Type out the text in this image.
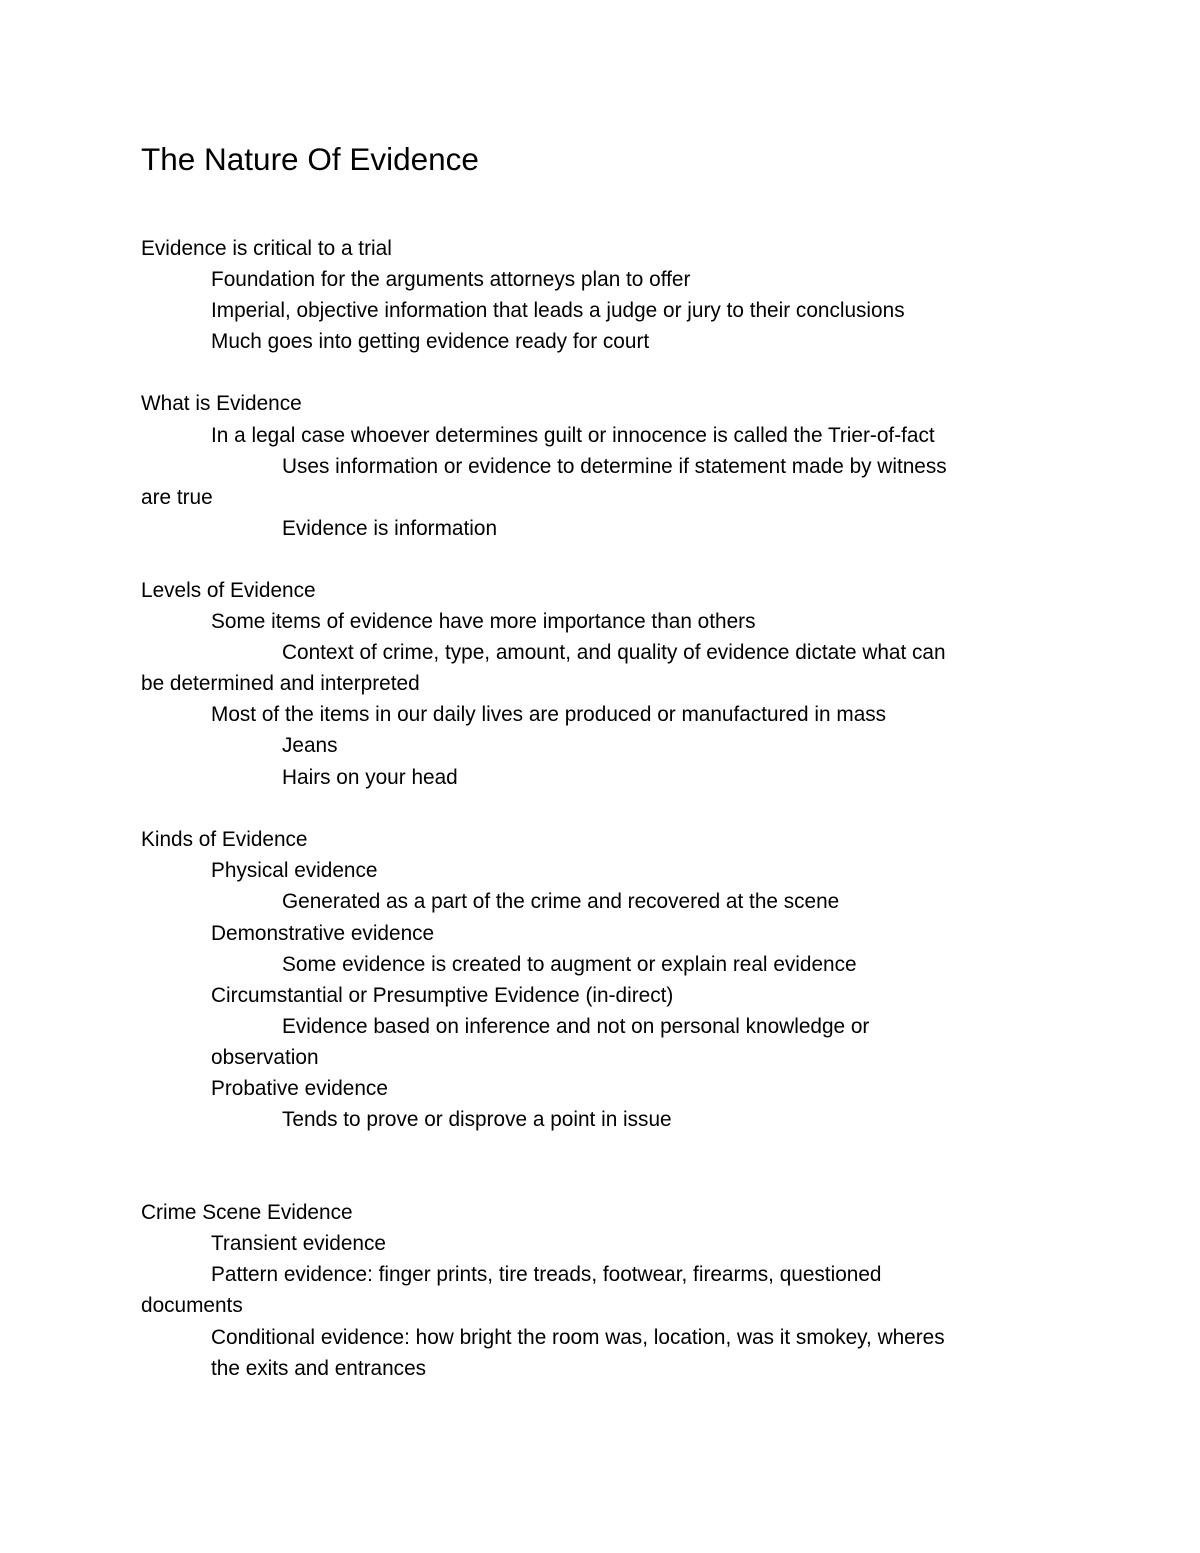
The Nature Of Evidence

Evidence is critical to a trial

Foundation for the arguments attorneys plan to offer

Imperial, objective information that leads a judge or jury to their conclusions

Much goes into getting evidence ready for court

What is Evidence

In a legal case whoever determines guilt or innocence is called the Trier-of-fact

Uses information or evidence to determine if statement made by witness

are true

Evidence is information

Levels of Evidence

Some items of evidence have more importance than others

Context of crime, type, amount, and quality of evidence dictate what can

be determined and interpreted

Most of the items in our daily lives are produced or manufactured in mass

Jeans

Hairs on your head

Kinds of Evidence

Physical evidence

Generated as a part of the crime and recovered at the scene

Demonstrative evidence

Some evidence is created to augment or explain real evidence

Circumstantial or Presumptive Evidence (in-direct)

Evidence based on inference and not on personal knowledge or

observation

Probative evidence

Tends to prove or disprove a point in issue

Crime Scene Evidence

Transient evidence

Pattern evidence: finger prints, tire treads, footwear, firearms, questioned

documents

Conditional evidence: how bright the room was, location, was it smokey, wheres

the exits and entrances
